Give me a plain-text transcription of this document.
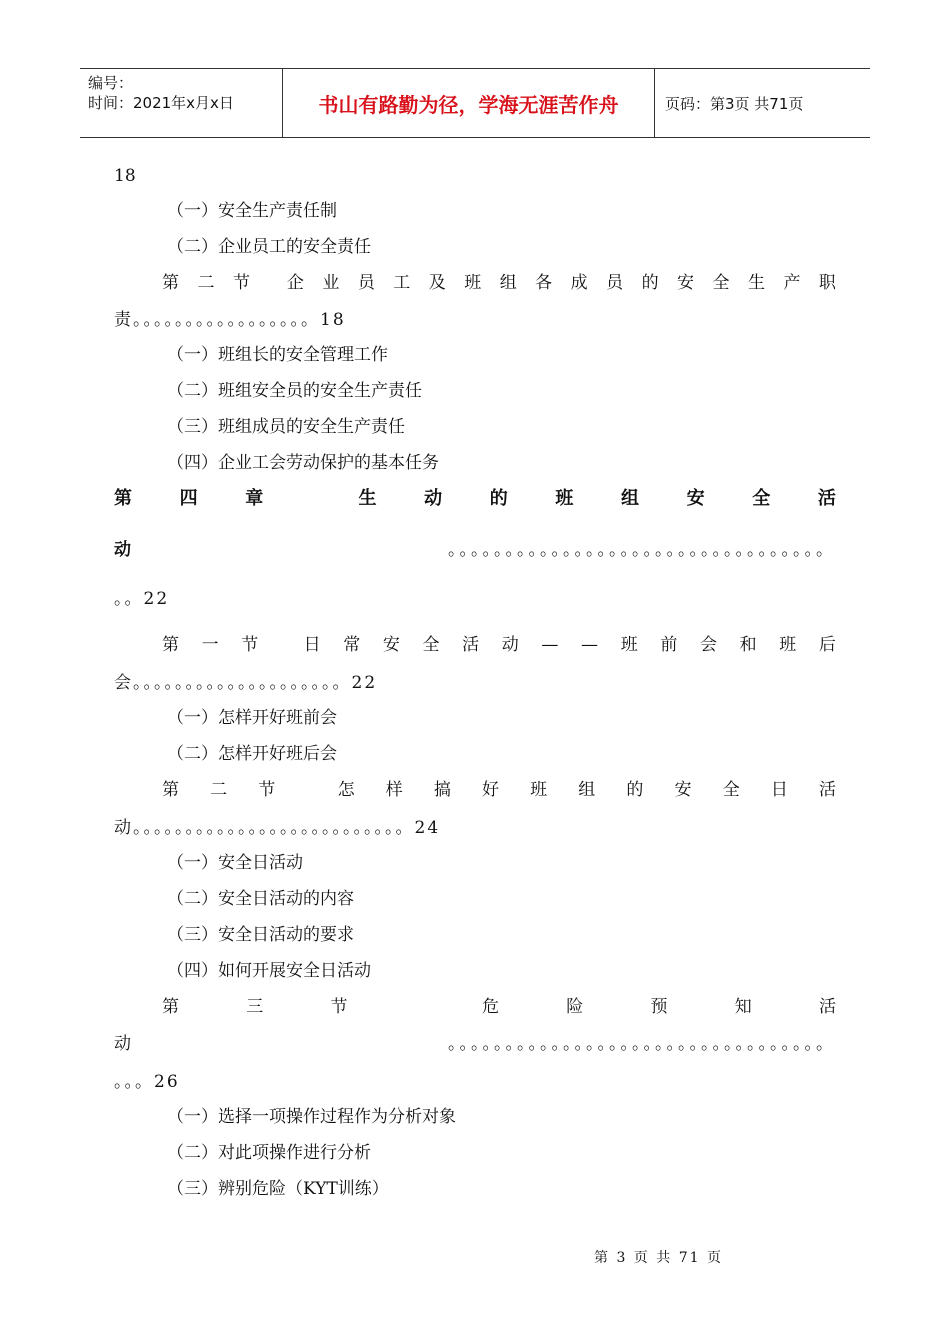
编号：
时间：2021年x月x日	书山有路勤为径，学海无涯苦作舟	页码：第3页 共71页
18
（一）安全生产责任制
（二）企业员工的安全责任
第 二 节 企 业 员 工 及 班 组 各 成 员 的 安 全 生 产 职
责。。。。。。。。。。。。。。。。。18
（一）班组长的安全管理工作
（二）班组安全员的安全生产责任
（三）班组成员的安全生产责任
（四）企业工会劳动保护的基本任务
第	四	章	生	动	的	班	组	安	全	活
动	。。。。。。。。。。。。。。。。。。。。。。。。。。。。。。。。。
。。22
第 一 节	日 常 安 全 活 动 — — 班 前 会 和 班 后
会。。。。。。。。。。。。。。。。。。。。22
（一）怎样开好班前会
（二）怎样开好班后会
第 二 节	怎 样 搞 好 班 组 的 安 全 日 活
动。。。。。。。。。。。。。。。。。。。。。。。。。。24
（一）安全日活动
（二）安全日活动的内容
（三）安全日活动的要求
（四）如何开展安全日活动
第	三	节	危	险	预	知	活
动	。。。。。。。。。。。。。。。。。。。。。。。。。。。。。。。。。
。。。26
（一）选择一项操作过程作为分析对象
（二）对此项操作进行分析
（三）辨别危险（KYT训练）
第 3 页 共 71 页
